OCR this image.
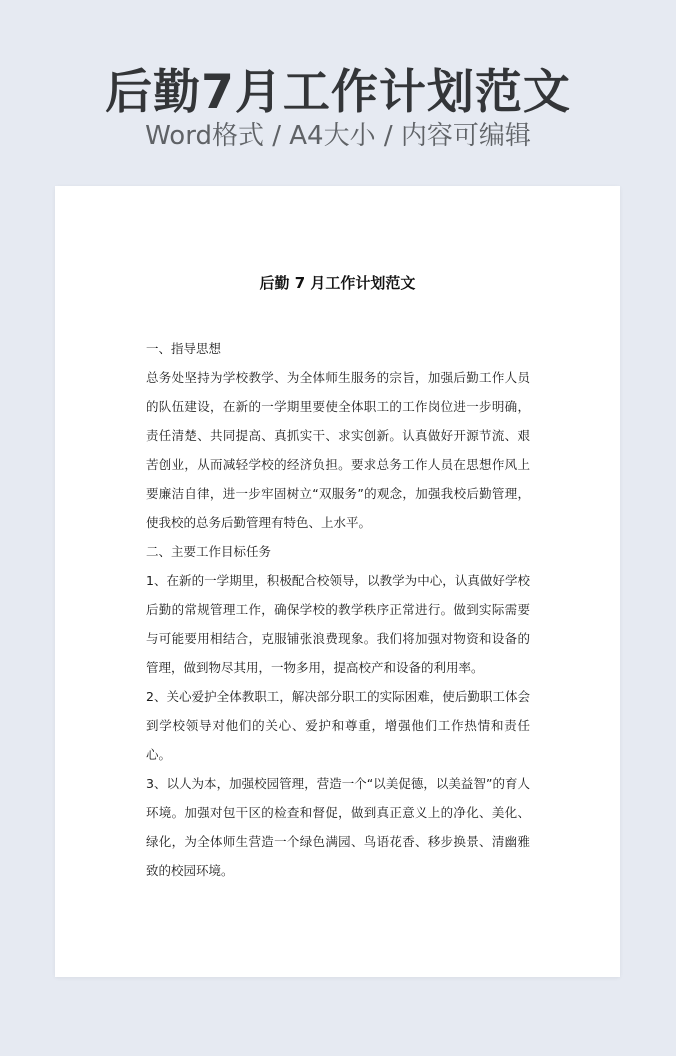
后勤7月工作计划范文
Word格式 / A4大小 / 内容可编辑
后勤 7 月工作计划范文

一、指导思想

总务处坚持为学校教学、为全体师生服务的宗旨，加强后勤工作人员的队伍建设，在新的一学期里要使全体职工的工作岗位进一步明确，责任清楚、共同提高、真抓实干、求实创新。认真做好开源节流、艰苦创业，从而减轻学校的经济负担。要求总务工作人员在思想作风上要廉洁自律，进一步牢固树立“双服务”的观念，加强我校后勤管理，使我校的总务后勤管理有特色、上水平。

二、主要工作目标任务

1、在新的一学期里，积极配合校领导，以教学为中心，认真做好学校后勤的常规管理工作，确保学校的教学秩序正常进行。做到实际需要与可能要用相结合，克服铺张浪费现象。我们将加强对物资和设备的管理，做到物尽其用，一物多用，提高校产和设备的利用率。

2、关心爱护全体教职工，解决部分职工的实际困难，使后勤职工体会到学校领导对他们的关心、爱护和尊重，增强他们工作热情和责任心。

3、以人为本，加强校园管理，营造一个“以美促德，以美益智”的育人环境。加强对包干区的检查和督促，做到真正意义上的净化、美化、绿化，为全体师生营造一个绿色满园、鸟语花香、移步换景、清幽雅致的校园环境。
